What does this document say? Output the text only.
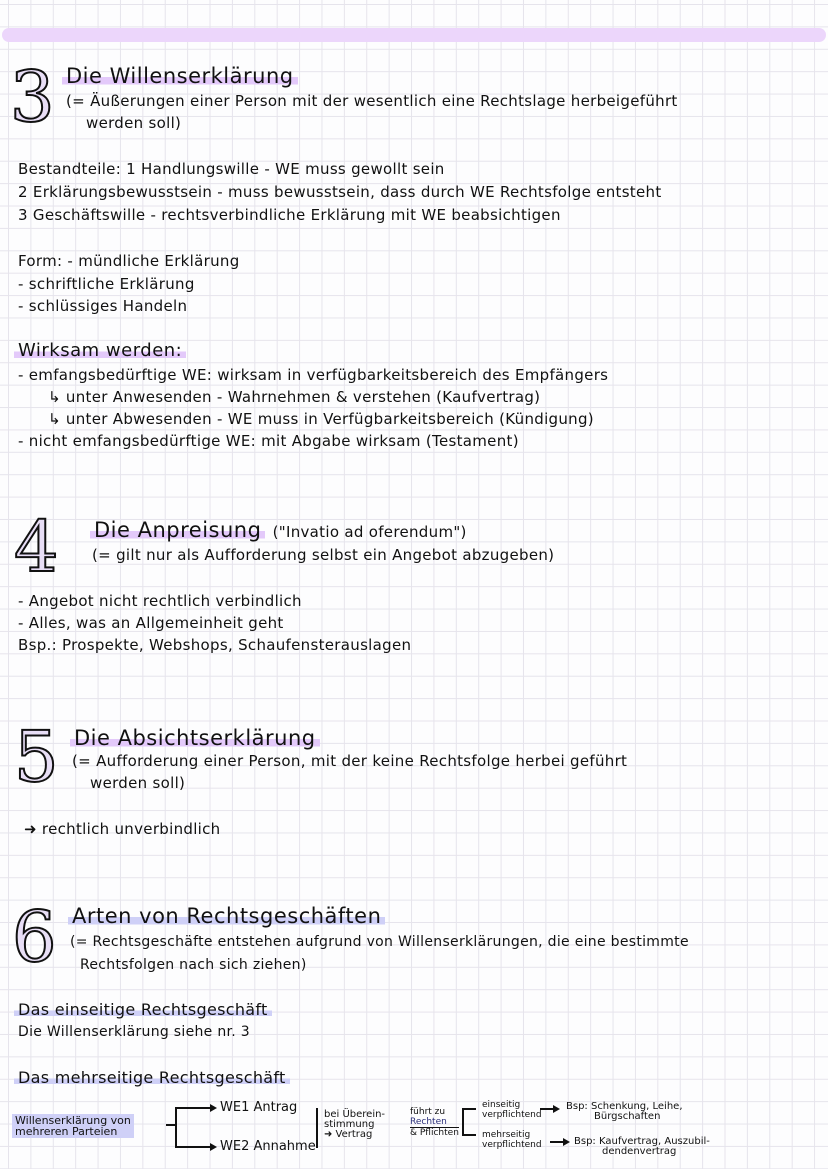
3 Die Willenserklärung
(= Äußerungen einer Person mit der wesentlich eine Rechtslage herbeigeführt
werden soll)
Bestandteile: 1 Handlungswille - WE muss gewollt sein
2 Erklärungsbewusstsein - muss bewusstsein, dass durch WE Rechtsfolge entsteht
3 Geschäftswille - rechtsverbindliche Erklärung mit WE beabsichtigen
Form: - mündliche Erklärung
- schriftliche Erklärung
- schlüssiges Handeln
Wirksam werden:
- emfangsbedürftige WE: wirksam in verfügbarkeitsbereich des Empfängers
↳ unter Anwesenden - Wahrnehmen & verstehen (Kaufvertrag)
↳ unter Abwesenden - WE muss in Verfügbarkeitsbereich (Kündigung)
- nicht emfangsbedürftige WE: mit Abgabe wirksam (Testament)
4 Die Anpreisung ("Invatio ad oferendum")
(= gilt nur als Aufforderung selbst ein Angebot abzugeben)
- Angebot nicht rechtlich verbindlich
- Alles, was an Allgemeinheit geht
Bsp.: Prospekte, Webshops, Schaufensterauslagen
5 Die Absichtserklärung
(= Aufforderung einer Person, mit der keine Rechtsfolge herbei geführt
werden soll)
➜ rechtlich unverbindlich
6 Arten von Rechtsgeschäften
(= Rechtsgeschäfte entstehen aufgrund von Willenserklärungen, die eine bestimmte
Rechtsfolgen nach sich ziehen)
Das einseitige Rechtsgeschäft
Die Willenserklärung siehe nr. 3
Das mehrseitige Rechtsgeschäft
Willenserklärung von
mehreren Parteien
WE1 Antrag
WE2 Annahme
bei Überein-
stimmung
➜ Vertrag
führt zu
Rechten
& Pflichten
einseitig
verpflichtend
mehrseitig
verpflichtend
Bsp: Schenkung, Leihe,
Bürgschaften
Bsp: Kaufvertrag, Auszubil-
dendenvertrag
